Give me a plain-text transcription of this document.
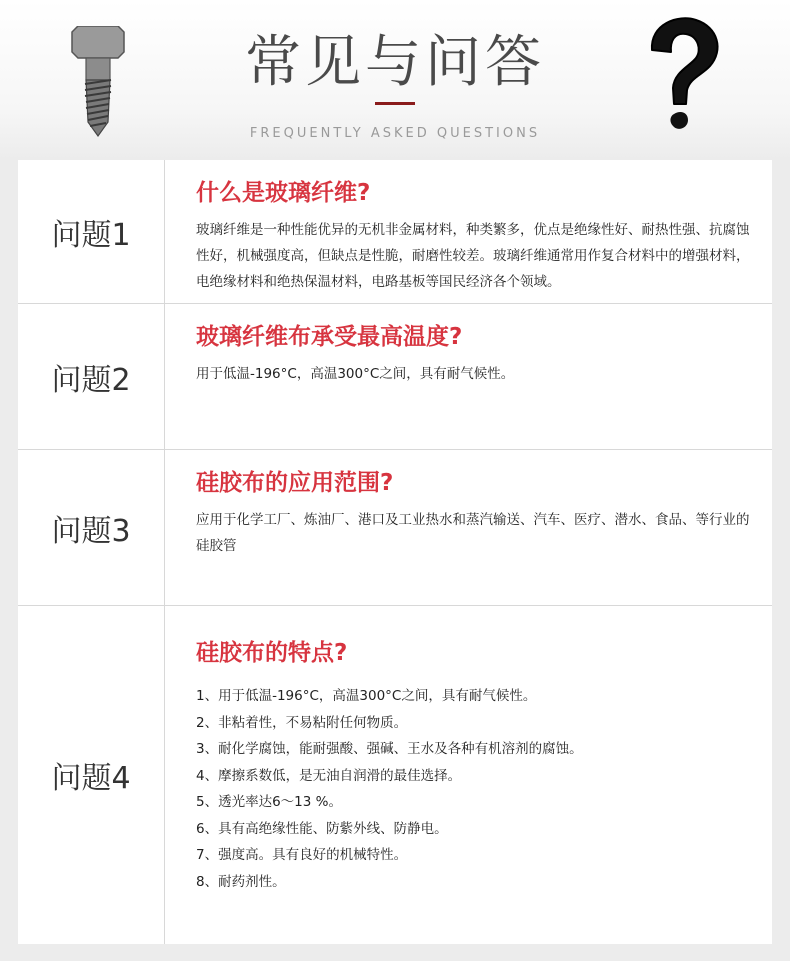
常见与问答
FREQUENTLY ASKED QUESTIONS
问题1
什么是玻璃纤维?
玻璃纤维是一种性能优异的无机非金属材料，种类繁多，优点是绝缘性好、耐热性强、抗腐蚀性好，机械强度高，但缺点是性脆，耐磨性较差。玻璃纤维通常用作复合材料中的增强材料，电绝缘材料和绝热保温材料，电路基板等国民经济各个领域。
问题2
玻璃纤维布承受最高温度?
用于低温-196°C，高温300°C之间，具有耐气候性。
问题3
硅胶布的应用范围?
应用于化学工厂、炼油厂、港口及工业热水和蒸汽输送、汽车、医疗、潜水、食品、等行业的硅胶管
问题4
硅胶布的特点?
1、用于低温-196°C，高温300°C之间，具有耐气候性。
2、非粘着性，不易粘附任何物质。
3、耐化学腐蚀，能耐强酸、强碱、王水及各种有机溶剂的腐蚀。
4、摩擦系数低，是无油自润滑的最佳选择。
5、透光率达6～13 %。
6、具有高绝缘性能、防紫外线、防静电。
7、强度高。具有良好的机械特性。
8、耐药剂性。
